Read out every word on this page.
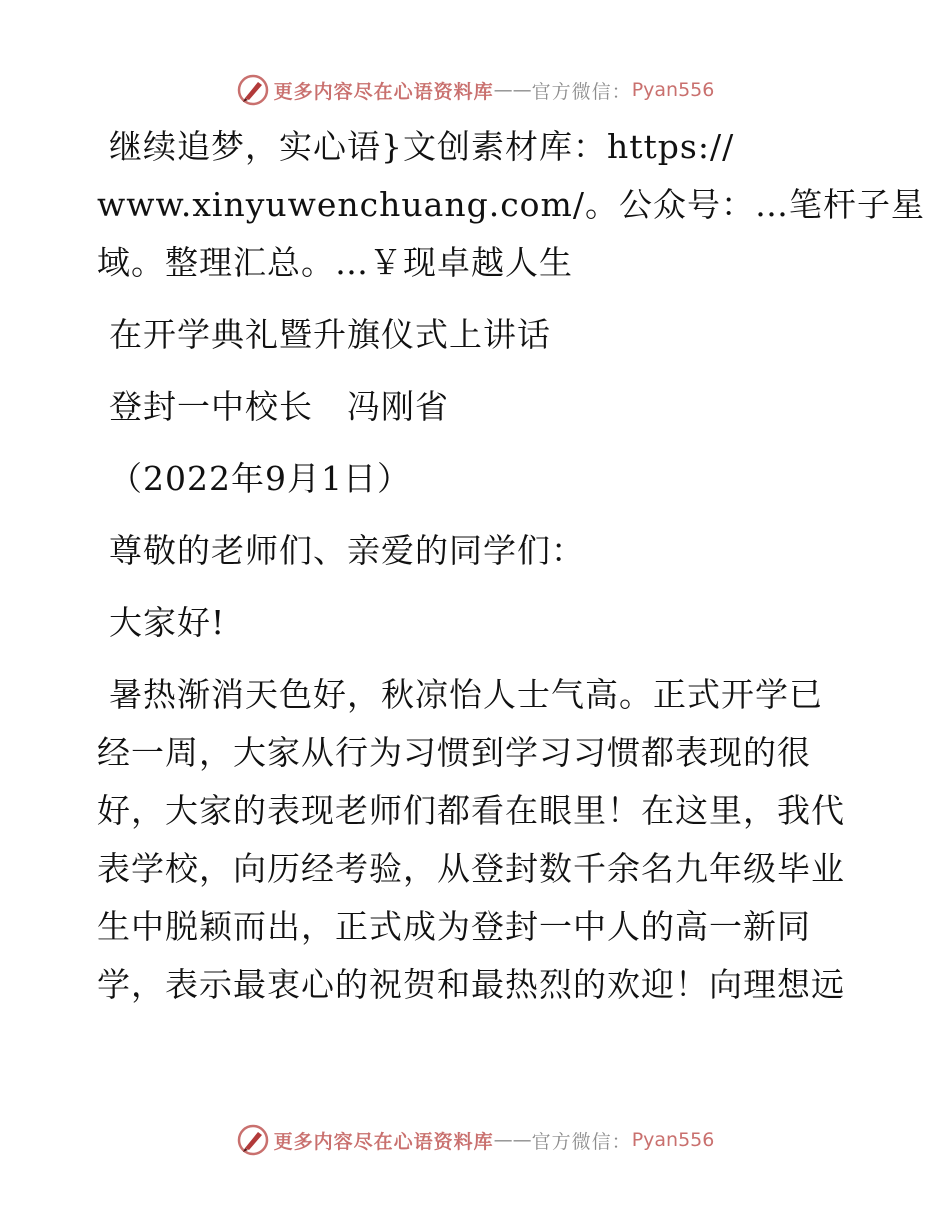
更多内容尽在心语资料库 —— 官方微信： Pyan556
继续追梦，实心语}文创素材库：https://
www.xinyuwenchuang.com/。公众号：…笔杆子星
域。整理汇总。…￥现卓越人生
在开学典礼暨升旗仪式上讲话
登封一中校长　冯刚省
（2022年9月1日）
尊敬的老师们、亲爱的同学们：
大家好!
暑热渐消天色好，秋凉怡人士气高。正式开学已
经一周，大家从行为习惯到学习习惯都表现的很
好，大家的表现老师们都看在眼里！在这里，我代
表学校，向历经考验，从登封数千余名九年级毕业
生中脱颖而出，正式成为登封一中人的高一新同
学，表示最衷心的祝贺和最热烈的欢迎！向理想远
更多内容尽在心语资料库 —— 官方微信： Pyan556
